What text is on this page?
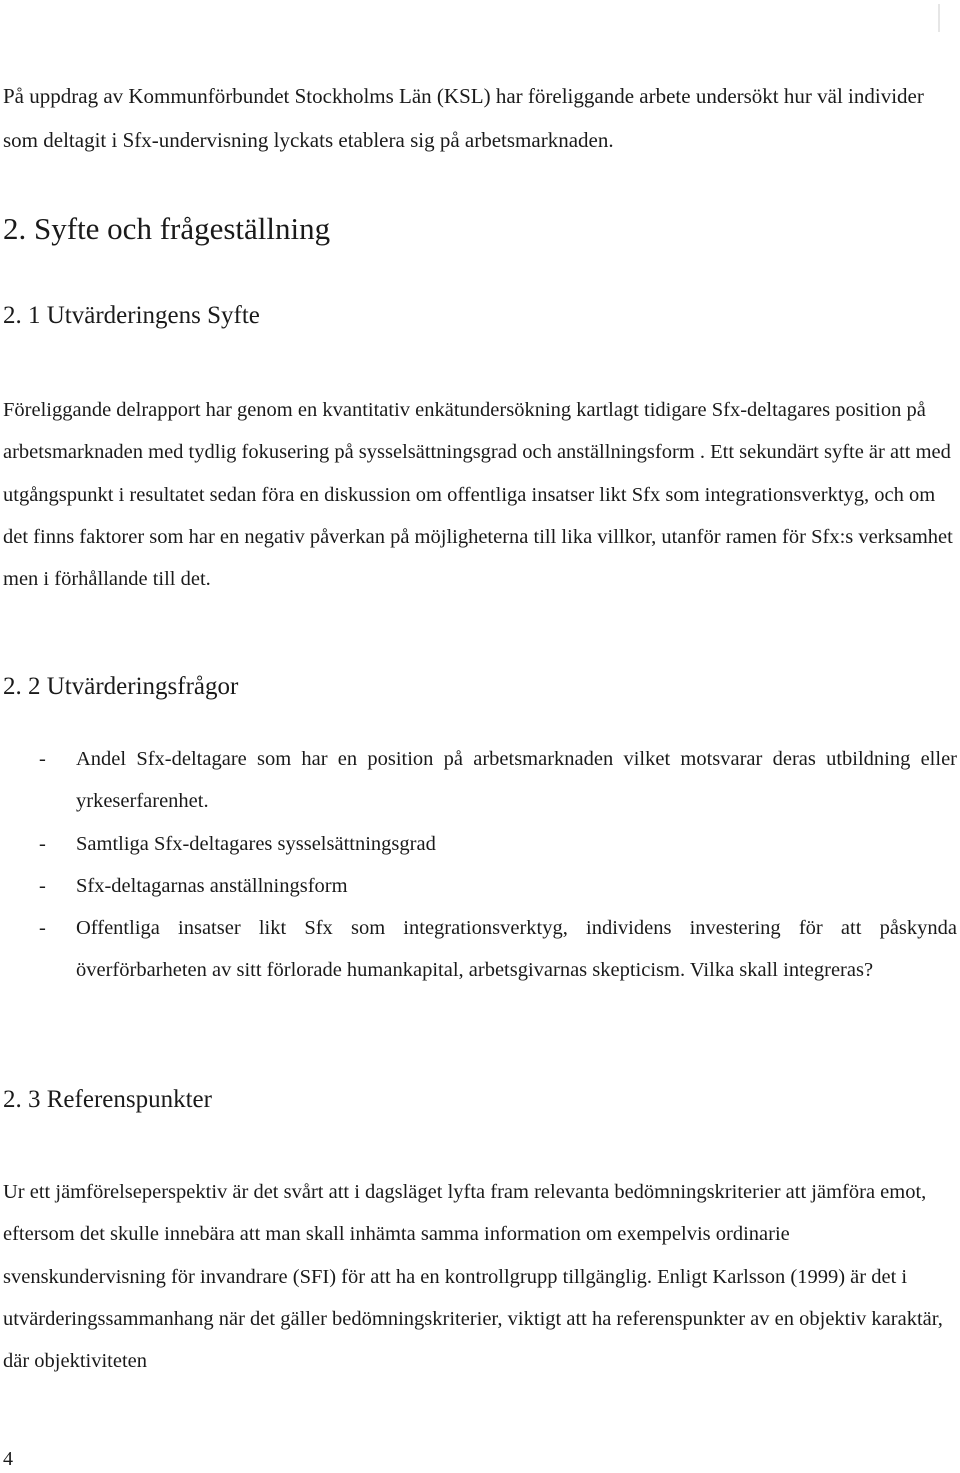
På uppdrag av Kommunförbundet Stockholms Län (KSL) har föreliggande arbete undersökt hur väl individer som deltagit i Sfx-undervisning lyckats etablera sig på arbetsmarknaden.

2. Syfte och frågeställning
2. 1 Utvärderingens Syfte

Föreliggande delrapport har genom en kvantitativ enkätundersökning kartlagt tidigare Sfx-deltagares position på arbetsmarknaden med tydlig fokusering på sysselsättningsgrad och anställningsform . Ett sekundärt syfte är att med utgångspunkt i resultatet sedan föra en diskussion om offentliga insatser likt Sfx som integrationsverktyg, och om det finns faktorer som har en negativ påverkan på möjligheterna till lika villkor, utanför ramen för Sfx:s verksamhet men i förhållande till det.

2. 2 Utvärderingsfrågor
- Andel Sfx-deltagare som har en position på arbetsmarknaden vilket motsvarar deras utbildning eller yrkeserfarenhet.
- Samtliga Sfx-deltagares sysselsättningsgrad
- Sfx-deltagarnas anställningsform
- Offentliga insatser likt Sfx som integrationsverktyg, individens investering för att påskynda överförbarheten av sitt förlorade humankapital, arbetsgivarnas skepticism. Vilka skall integreras?
2. 3 Referenspunkter

Ur ett jämförelseperspektiv är det svårt att i dagsläget lyfta fram relevanta bedömningskriterier att jämföra emot, eftersom det skulle innebära att man skall inhämta samma information om exempelvis ordinarie svenskundervisning för invandrare (SFI) för att ha en kontrollgrupp tillgänglig. Enligt Karlsson (1999) är det i utvärderingssammanhang när det gäller bedömningskriterier, viktigt att ha referenspunkter av en objektiv karaktär, där objektiviteten

4
